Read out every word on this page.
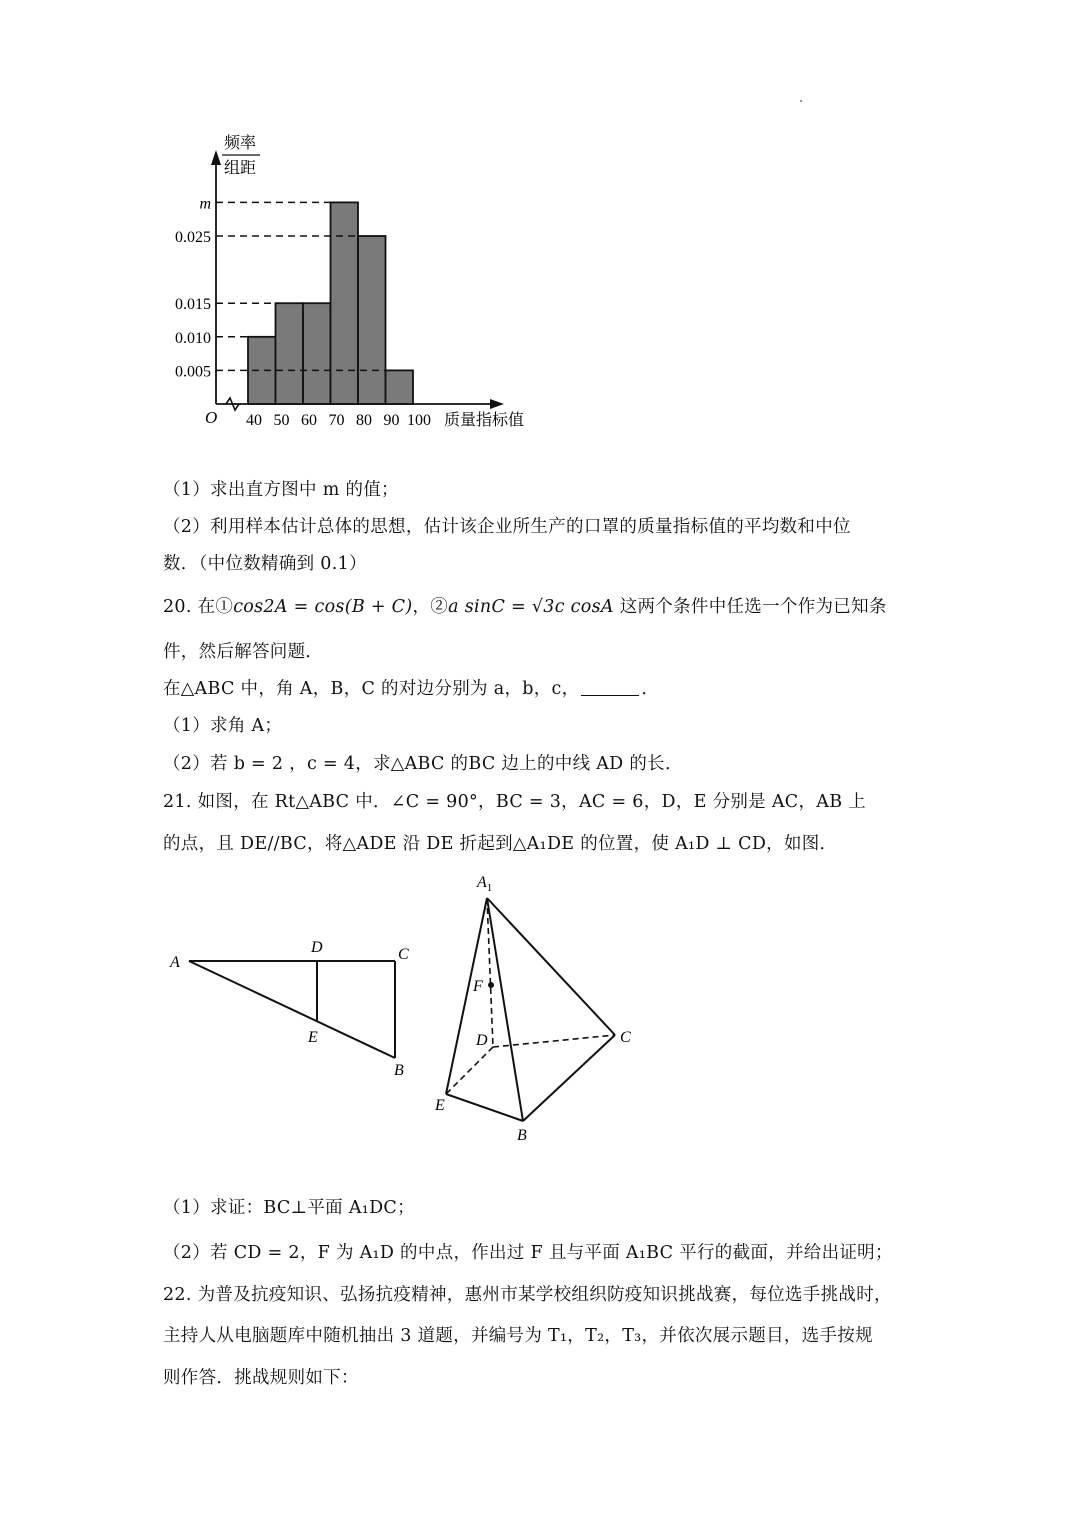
频率
组距
0.005
0.010
0.015
0.025
m
40 50 60 70 80 90 100
O	质量指标值
（1）求出直方图中 m 的值；
（2）利用样本估计总体的思想，估计该企业所生产的口罩的质量指标值的平均数和中位
数．（中位数精确到 0.1）
20. 在①cos2A = cos(B + C)，②a sinC = √3c cosA 这两个条件中任选一个作为已知条
件，然后解答问题．
在△ABC 中，角 A，B，C 的对边分别为 a，b，c，	．
（1）求角 A；
（2）若 b = 2 ，c = 4，求△ABC 的BC 边上的中线 AD 的长．
21. 如图，在 Rt△ABC 中．∠C = 90°，BC = 3，AC = 6，D，E 分别是 AC，AB 上
的点，且 DE//BC，将△ADE 沿 DE 折起到△A₁DE 的位置，使 A₁D ⊥ CD，如图．
A
D	C
E
B
$A_1$
F
D	C
E
B
（1）求证：BC⊥平面 A₁DC；
（2）若 CD = 2，F 为 A₁D 的中点，作出过 F 且与平面 A₁BC 平行的截面，并给出证明；
22. 为普及抗疫知识、弘扬抗疫精神，惠州市某学校组织防疫知识挑战赛，每位选手挑战时，
主持人从电脑题库中随机抽出 3 道题，并编号为 T₁，T₂，T₃，并依次展示题目，选手按规
则作答．挑战规则如下：
